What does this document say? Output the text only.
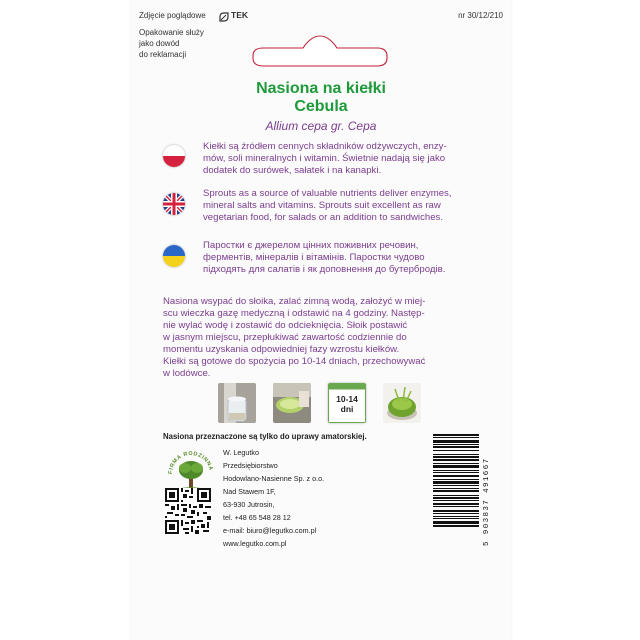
Zdjęcie poglądowe	TEK	nr 30/12/210
Opakowanie służy
jako dowód
do reklamacji
Nasiona na kiełki
Cebula
Allium cepa gr. Cepa
Kiełki są źródłem cennych składników odżywczych, enzy-
mów, soli mineralnych i witamin. Świetnie nadają się jako
dodatek do surówek, sałatek i na kanapki.
Sprouts as a source of valuable nutrients deliver enzymes,
mineral salts and vitamins. Sprouts suit excellent as raw
vegetarian food, for salads or an addition to sandwiches.
Паростки є джерелом цінних поживних речовин,
ферментів, мінералів і вітамінів. Паростки чудово
підходять для салатів і як доповнення до бутербродів.
Nasiona wsypać do słoika, zalać zimną wodą, założyć w miej-
scu wieczka gazę medyczną i odstawić na 4 godziny. Następ-
nie wylać wodę i zostawić do odcieknięcia. Słoik postawić
w jasnym miejscu, przepłukiwać zawartość codziennie do
momentu uzyskania odpowiedniej fazy wzrostu kiełków.
Kiełki są gotowe do spożycia po 10-14 dniach, przechowywać
w lodówce.
10-14
dni
Nasiona przeznaczone są tylko do uprawy amatorskiej.
FIRMA RODZINNA
W. Legutko
Przedsiębiorstwo
Hodowlano-Nasienne Sp. z o.o.
Nad Stawem 1F,
63-930 Jutrosin,
tel. +48 65 548 28 12
e-mail: biuro@legutko.com.pl
www.legutko.com.pl	5 903837 491667
